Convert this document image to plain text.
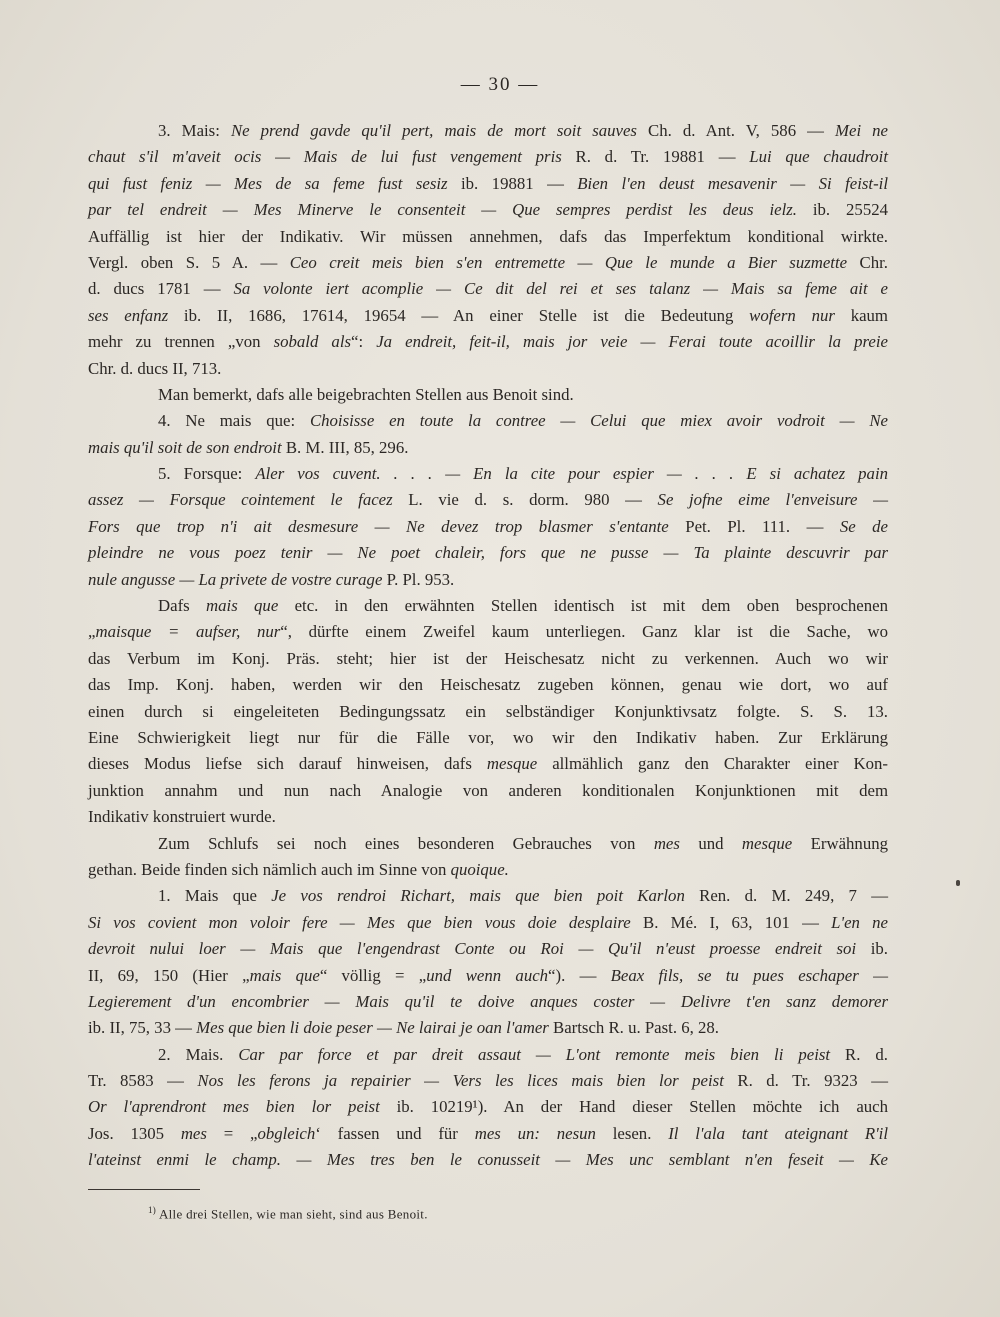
— 30 —
3. Mais: Ne prend gavde qu'il pert, mais de mort soit sauves Ch. d. Ant. V, 586 — Mei ne
chaut s'il m'aveit ocis — Mais de lui fust vengement pris R. d. Tr. 19881 — Lui que chaudroit
qui fust feniz — Mes de sa feme fust sesiz ib. 19881 — Bien l'en deust mesavenir — Si feist-il
par tel endreit — Mes Minerve le consenteit — Que sempres perdist les deus ielz. ib. 25524
Auffällig ist hier der Indikativ. Wir müssen annehmen, dafs das Imperfektum konditional wirkte.
Vergl. oben S. 5 A. — Ceo creit meis bien s'en entremette — Que le munde a Bier suzmette Chr.
d. ducs 1781 — Sa volonte iert acomplie — Ce dit del rei et ses talanz — Mais sa feme ait e
ses enfanz ib. II, 1686, 17614, 19654 — An einer Stelle ist die Bedeutung wofern nur kaum
mehr zu trennen „von sobald als“: Ja endreit, feit-il, mais jor veie — Ferai toute acoillir la preie
Chr. d. ducs II, 713.
Man bemerkt, dafs alle beigebrachten Stellen aus Benoit sind.
4. Ne mais que: Choisisse en toute la contree — Celui que miex avoir vodroit — Ne
mais qu'il soit de son endroit B. M. III, 85, 296.
5. Forsque: Aler vos cuvent. . . . — En la cite pour espier — . . . E si achatez pain
assez — Forsque cointement le facez L. vie d. s. dorm. 980 — Se jofne eime l'enveisure —
Fors que trop n'i ait desmesure — Ne devez trop blasmer s'entante Pet. Pl. 111. — Se de
pleindre ne vous poez tenir — Ne poet chaleir, fors que ne pusse — Ta plainte descuvrir par
nule angusse — La privete de vostre curage P. Pl. 953.
Dafs mais que etc. in den erwähnten Stellen identisch ist mit dem oben besprochenen
„maisque = aufser, nur“, dürfte einem Zweifel kaum unterliegen. Ganz klar ist die Sache, wo
das Verbum im Konj. Präs. steht; hier ist der Heischesatz nicht zu verkennen. Auch wo wir
das Imp. Konj. haben, werden wir den Heischesatz zugeben können, genau wie dort, wo auf
einen durch si eingeleiteten Bedingungssatz ein selbständiger Konjunktivsatz folgte. S. S. 13.
Eine Schwierigkeit liegt nur für die Fälle vor, wo wir den Indikativ haben. Zur Erklärung
dieses Modus liefse sich darauf hinweisen, dafs mesque allmählich ganz den Charakter einer Kon-
junktion annahm und nun nach Analogie von anderen konditionalen Konjunktionen mit dem
Indikativ konstruiert wurde.
Zum Schlufs sei noch eines besonderen Gebrauches von mes und mesque Erwähnung
gethan. Beide finden sich nämlich auch im Sinne von quoique.
1. Mais que Je vos rendroi Richart, mais que bien poit Karlon Ren. d. M. 249, 7 —
Si vos covient mon voloir fere — Mes que bien vous doie desplaire B. Mé. I, 63, 101 — L'en ne
devroit nului loer — Mais que l'engendrast Conte ou Roi — Qu'il n'eust proesse endreit soi ib.
II, 69, 150 (Hier „mais que“ völlig = „und wenn auch“). — Beax fils, se tu pues eschaper —
Legierement d'un encombrier — Mais qu'il te doive anques coster — Delivre t'en sanz demorer
ib. II, 75, 33 — Mes que bien li doie peser — Ne lairai je oan l'amer Bartsch R. u. Past. 6, 28.
2. Mais. Car par force et par dreit assaut — L'ont remonte meis bien li peist R. d.
Tr. 8583 — Nos les ferons ja repairier — Vers les lices mais bien lor peist R. d. Tr. 9323 —
Or l'aprendront mes bien lor peist ib. 10219¹). An der Hand dieser Stellen möchte ich auch
Jos. 1305 mes = „obgleich‘ fassen und für mes un: nesun lesen. Il l'ala tant ateignant R'il
l'ateinst enmi le champ. — Mes tres ben le conusseit — Mes unc semblant n'en feseit — Ke
$^{1)}$ Alle drei Stellen, wie man sieht, sind aus Benoit.
